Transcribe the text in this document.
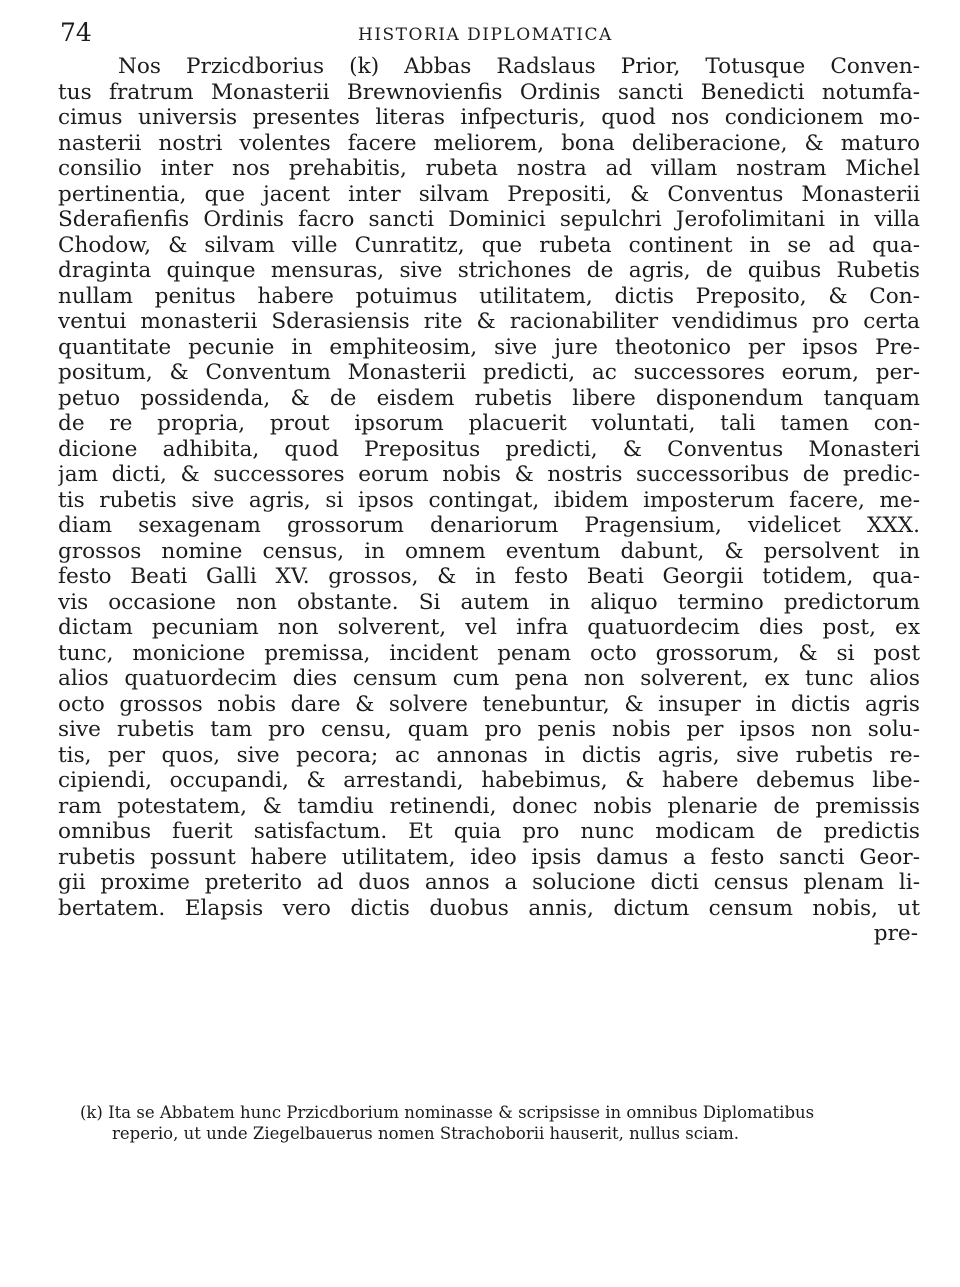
74	HISTORIA DIPLOMATICA
Nos Przicdborius (k) Abbas Radslaus Prior, Totusque Conven-
tus fratrum Monasterii Brewnovienfis Ordinis sancti Benedicti notumfa-
cimus universis presentes literas infpecturis, quod nos condicionem mo-
nasterii nostri volentes facere meliorem, bona deliberacione, & maturo
consilio inter nos prehabitis, rubeta nostra ad villam nostram Michel
pertinentia, que jacent inter silvam Prepositi, & Conventus Monasterii
Sderafienfis Ordinis facro sancti Dominici sepulchri Jerofolimitani in villa
Chodow, & silvam ville Cunratitz, que rubeta continent in se ad qua-
draginta quinque mensuras, sive strichones de agris, de quibus Rubetis
nullam penitus habere potuimus utilitatem, dictis Preposito, & Con-
ventui monasterii Sderasiensis rite & racionabiliter vendidimus pro certa
quantitate pecunie in emphiteosim, sive jure theotonico per ipsos Pre-
positum, & Conventum Monasterii predicti, ac successores eorum, per-
petuo possidenda, & de eisdem rubetis libere disponendum tanquam
de re propria, prout ipsorum placuerit voluntati, tali tamen con-
dicione adhibita, quod Prepositus predicti, & Conventus Monasteri
jam dicti, & successores eorum nobis & nostris successoribus de predic-
tis rubetis sive agris, si ipsos contingat, ibidem imposterum facere, me-
diam sexagenam grossorum denariorum Pragensium, videlicet XXX.
grossos nomine census, in omnem eventum dabunt, & persolvent in
festo Beati Galli XV. grossos, & in festo Beati Georgii totidem, qua-
vis occasione non obstante. Si autem in aliquo termino predictorum
dictam pecuniam non solverent, vel infra quatuordecim dies post, ex
tunc, monicione premissa, incident penam octo grossorum, & si post
alios quatuordecim dies censum cum pena non solverent, ex tunc alios
octo grossos nobis dare & solvere tenebuntur, & insuper in dictis agris
sive rubetis tam pro censu, quam pro penis nobis per ipsos non solu-
tis, per quos, sive pecora; ac annonas in dictis agris, sive rubetis re-
cipiendi, occupandi, & arrestandi, habebimus, & habere debemus libe-
ram potestatem, & tamdiu retinendi, donec nobis plenarie de premissis
omnibus fuerit satisfactum. Et quia pro nunc modicam de predictis
rubetis possunt habere utilitatem, ideo ipsis damus a festo sancti Geor-
gii proxime preterito ad duos annos a solucione dicti census plenam li-
bertatem. Elapsis vero dictis duobus annis, dictum censum nobis, ut
pre-
(k) Ita se Abbatem hunc Przicdborium nominasse & scripsisse in omnibus Diplomatibus
reperio, ut unde Ziegelbauerus nomen Strachoborii hauserit, nullus sciam.
